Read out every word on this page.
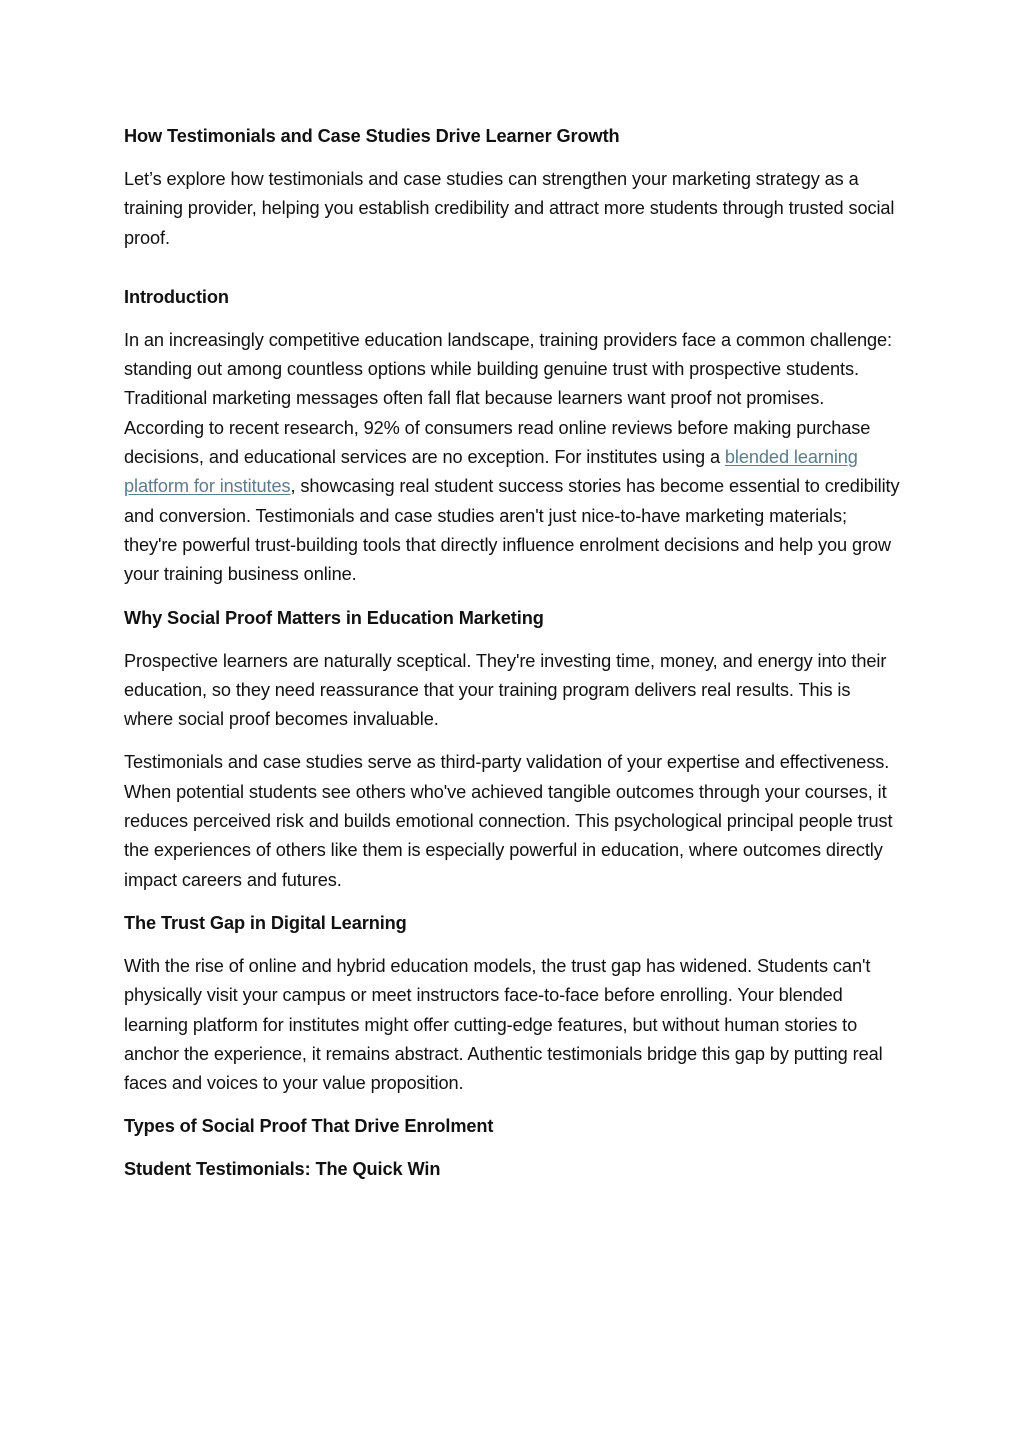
How Testimonials and Case Studies Drive Learner Growth

Let’s explore how testimonials and case studies can strengthen your marketing strategy as a training provider, helping you establish credibility and attract more students through trusted social proof.

Introduction

In an increasingly competitive education landscape, training providers face a common challenge: standing out among countless options while building genuine trust with prospective students. Traditional marketing messages often fall flat because learners want proof not promises. According to recent research, 92% of consumers read online reviews before making purchase decisions, and educational services are no exception. For institutes using a blended learning platform for institutes, showcasing real student success stories has become essential to credibility and conversion. Testimonials and case studies aren't just nice-to-have marketing materials; they're powerful trust-building tools that directly influence enrolment decisions and help you grow your training business online.

Why Social Proof Matters in Education Marketing

Prospective learners are naturally sceptical. They're investing time, money, and energy into their education, so they need reassurance that your training program delivers real results. This is where social proof becomes invaluable.

Testimonials and case studies serve as third-party validation of your expertise and effectiveness. When potential students see others who've achieved tangible outcomes through your courses, it reduces perceived risk and builds emotional connection. This psychological principal people trust the experiences of others like them is especially powerful in education, where outcomes directly impact careers and futures.

The Trust Gap in Digital Learning

With the rise of online and hybrid education models, the trust gap has widened. Students can't physically visit your campus or meet instructors face-to-face before enrolling. Your blended learning platform for institutes might offer cutting-edge features, but without human stories to anchor the experience, it remains abstract. Authentic testimonials bridge this gap by putting real faces and voices to your value proposition.

Types of Social Proof That Drive Enrolment
Student Testimonials: The Quick Win
